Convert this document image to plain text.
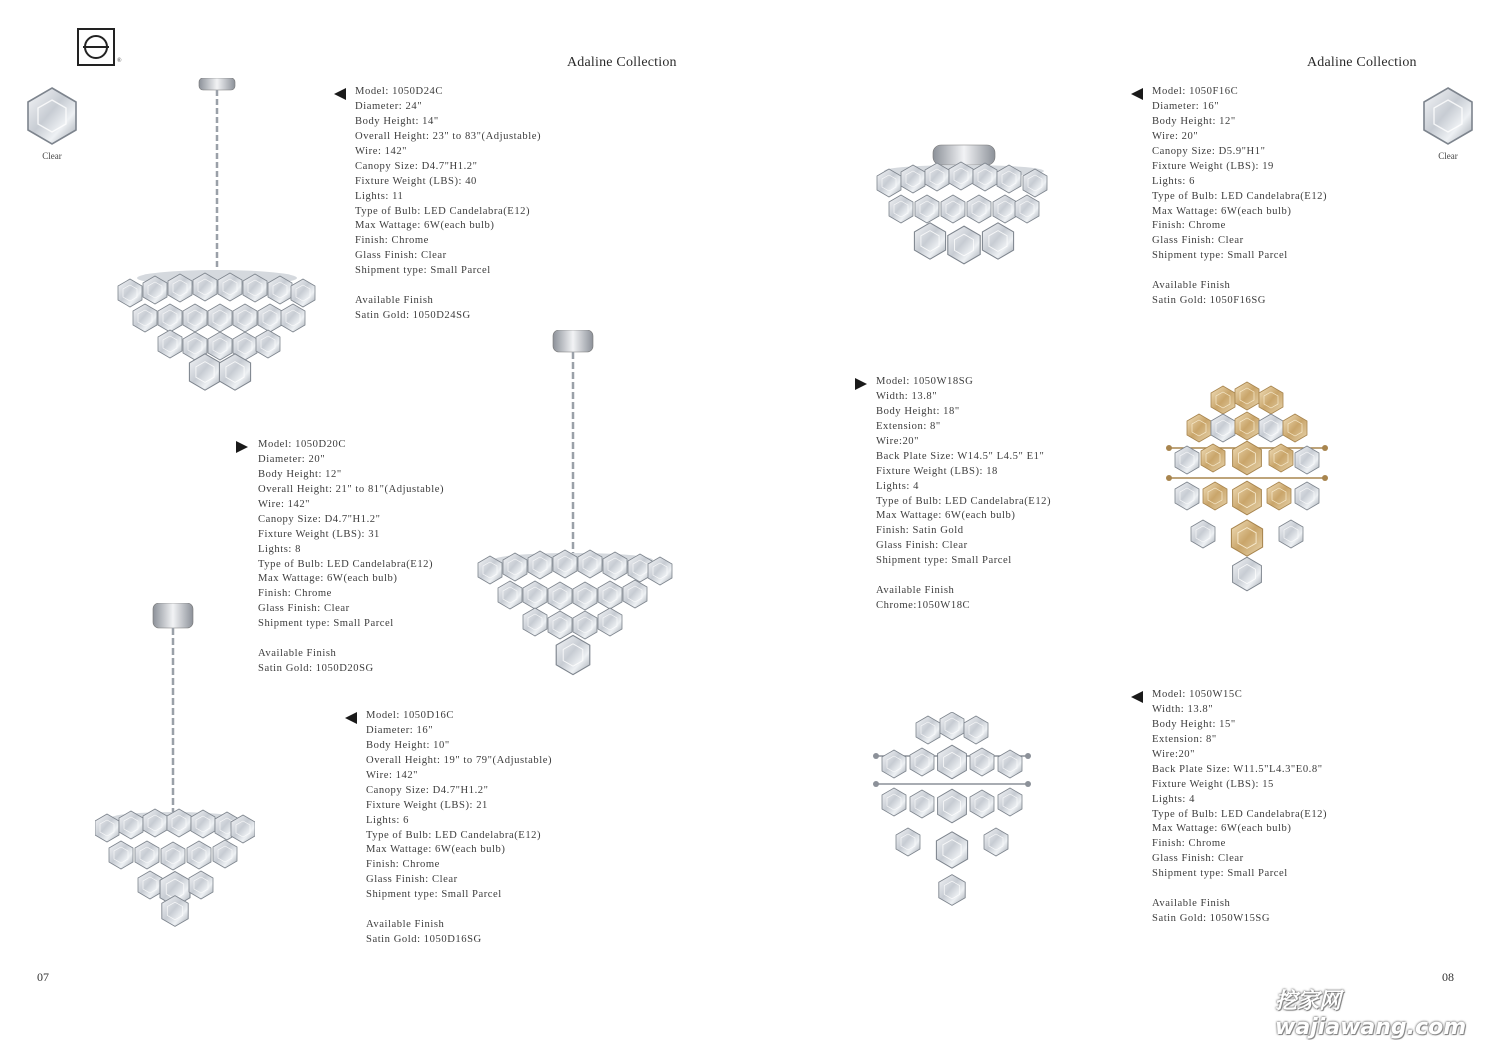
®	Adaline Collection	Adaline Collection
Clear	Clear
Model: 1050D24C
Diameter: 24"
Body Height: 14"
Overall Height: 23" to 83"(Adjustable)
Wire: 142"
Canopy Size: D4.7"H1.2"
Fixture Weight (LBS): 40
Lights: 11
Type of Bulb: LED Candelabra(E12)
Max Wattage: 6W(each bulb)
Finish: Chrome
Glass Finish: Clear
Shipment type: Small Parcel
Available Finish
Satin Gold: 1050D24SG
Model: 1050D20C
Diameter: 20"
Body Height: 12"
Overall Height: 21" to 81"(Adjustable)
Wire: 142"
Canopy Size: D4.7"H1.2"
Fixture Weight (LBS): 31
Lights: 8
Type of Bulb: LED Candelabra(E12)
Max Wattage: 6W(each bulb)
Finish: Chrome
Glass Finish: Clear
Shipment type: Small Parcel
Available Finish
Satin Gold: 1050D20SG
Model: 1050D16C
Diameter: 16"
Body Height: 10"
Overall Height: 19" to 79"(Adjustable)
Wire: 142"
Canopy Size: D4.7"H1.2"
Fixture Weight (LBS): 21
Lights: 6
Type of Bulb: LED Candelabra(E12)
Max Wattage: 6W(each bulb)
Finish: Chrome
Glass Finish: Clear
Shipment type: Small Parcel
Available Finish
Satin Gold: 1050D16SG
07
Model: 1050F16C
Diameter: 16"
Body Height: 12"
Wire: 20"
Canopy Size: D5.9"H1"
Fixture Weight (LBS): 19
Lights: 6
Type of Bulb: LED Candelabra(E12)
Max Wattage: 6W(each bulb)
Finish: Chrome
Glass Finish: Clear
Shipment type: Small Parcel
Available Finish
Satin Gold: 1050F16SG
Model: 1050W18SG
Width: 13.8"
Body Height: 18"
Extension: 8"
Wire:20"
Back Plate Size: W14.5" L4.5" E1"
Fixture Weight (LBS): 18
Lights: 4
Type of Bulb: LED Candelabra(E12)
Max Wattage: 6W(each bulb)
Finish: Satin Gold
Glass Finish: Clear
Shipment type: Small Parcel
Available Finish
Chrome:1050W18C
Model: 1050W15C
Width: 13.8"
Body Height: 15"
Extension: 8"
Wire:20"
Back Plate Size: W11.5"L4.3"E0.8"
Fixture Weight (LBS): 15
Lights: 4
Type of Bulb: LED Candelabra(E12)
Max Wattage: 6W(each bulb)
Finish: Chrome
Glass Finish: Clear
Shipment type: Small Parcel
Available Finish
Satin Gold: 1050W15SG
08
挖家网 wajiawang.com
